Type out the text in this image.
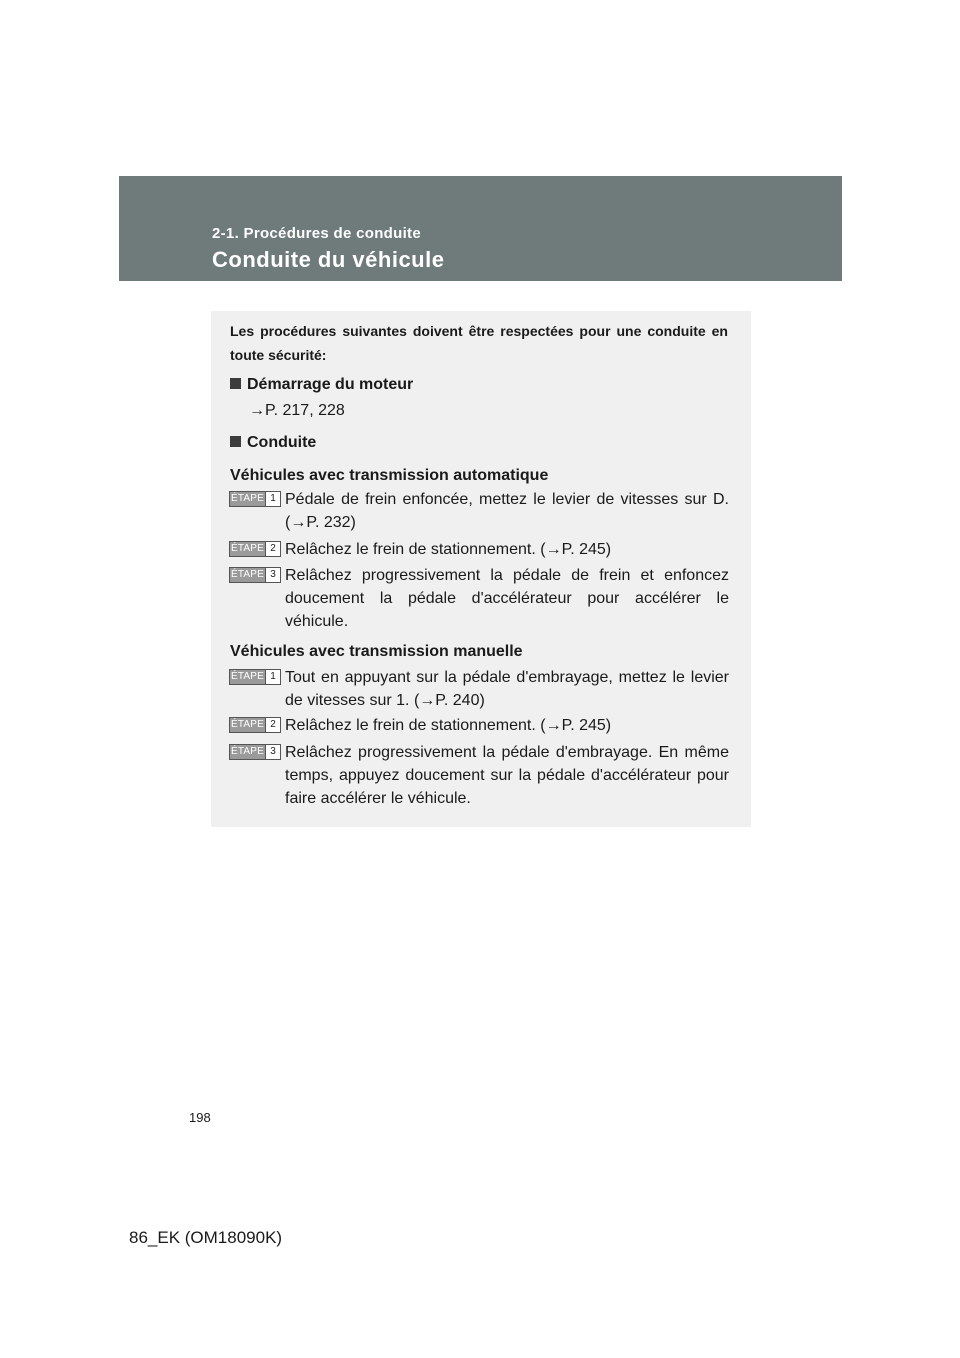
2-1. Procédures de conduite
Conduite du véhicule
Les procédures suivantes doivent être respectées pour une conduite en toute sécurité:
Démarrage du moteur
→P. 217, 228
Conduite
Véhicules avec transmission automatique
ÉTAPE 1 Pédale de frein enfoncée, mettez le levier de vitesses sur D. (→P. 232)
ÉTAPE 2 Relâchez le frein de stationnement. (→P. 245)
ÉTAPE 3 Relâchez progressivement la pédale de frein et enfoncez doucement la pédale d'accélérateur pour accélérer le véhicule.
Véhicules avec transmission manuelle
ÉTAPE 1 Tout en appuyant sur la pédale d'embrayage, mettez le levier de vitesses sur 1. (→P. 240)
ÉTAPE 2 Relâchez le frein de stationnement. (→P. 245)
ÉTAPE 3 Relâchez progressivement la pédale d'embrayage. En même temps, appuyez doucement sur la pédale d'accélérateur pour faire accélérer le véhicule.
198
86_EK (OM18090K)
